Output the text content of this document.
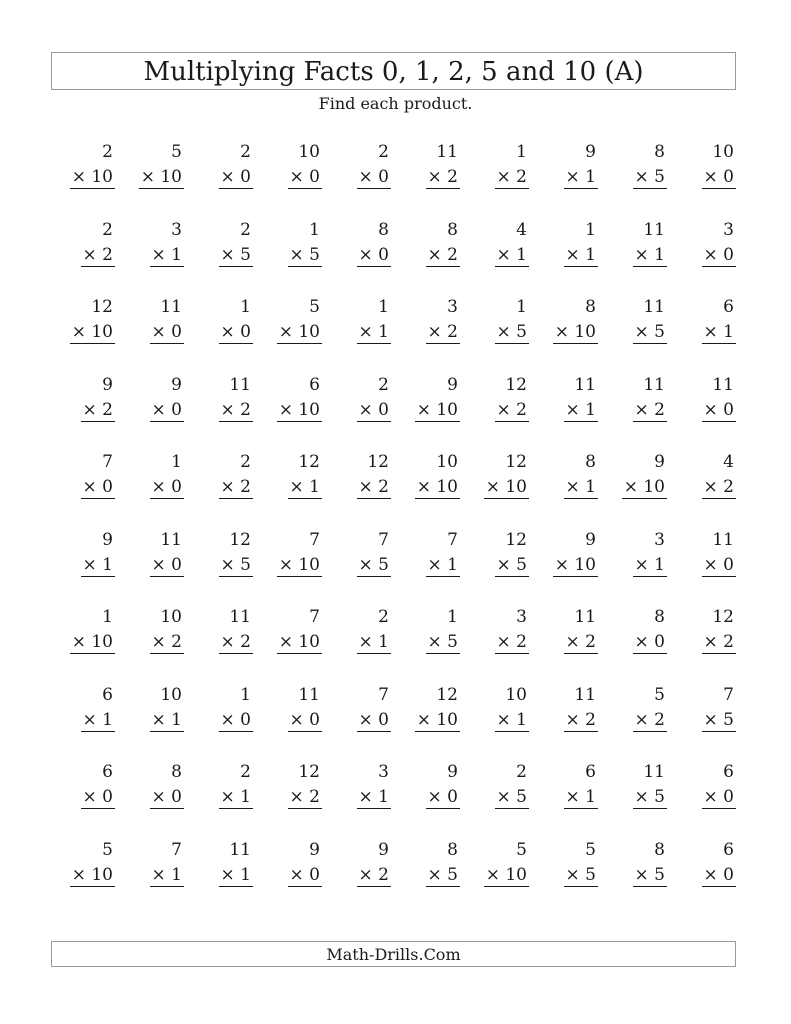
Multiplying Facts 0, 1, 2, 5 and 10 (A)
Find each product.
2
× 10
5
× 10
2
× 0
10
× 0
2
× 0
11
× 2
1
× 2
9
× 1
8
× 5
10
× 0
2
× 2
3
× 1
2
× 5
1
× 5
8
× 0
8
× 2
4
× 1
1
× 1
11
× 1
3
× 0
12
× 10
11
× 0
1
× 0
5
× 10
1
× 1
3
× 2
1
× 5
8
× 10
11
× 5
6
× 1
9
× 2
9
× 0
11
× 2
6
× 10
2
× 0
9
× 10
12
× 2
11
× 1
11
× 2
11
× 0
7
× 0
1
× 0
2
× 2
12
× 1
12
× 2
10
× 10
12
× 10
8
× 1
9
× 10
4
× 2
9
× 1
11
× 0
12
× 5
7
× 10
7
× 5
7
× 1
12
× 5
9
× 10
3
× 1
11
× 0
1
× 10
10
× 2
11
× 2
7
× 10
2
× 1
1
× 5
3
× 2
11
× 2
8
× 0
12
× 2
6
× 1
10
× 1
1
× 0
11
× 0
7
× 0
12
× 10
10
× 1
11
× 2
5
× 2
7
× 5
6
× 0
8
× 0
2
× 1
12
× 2
3
× 1
9
× 0
2
× 5
6
× 1
11
× 5
6
× 0
5
× 10
7
× 1
11
× 1
9
× 0
9
× 2
8
× 5
5
× 10
5
× 5
8
× 5
6
× 0
Math-Drills.Com
